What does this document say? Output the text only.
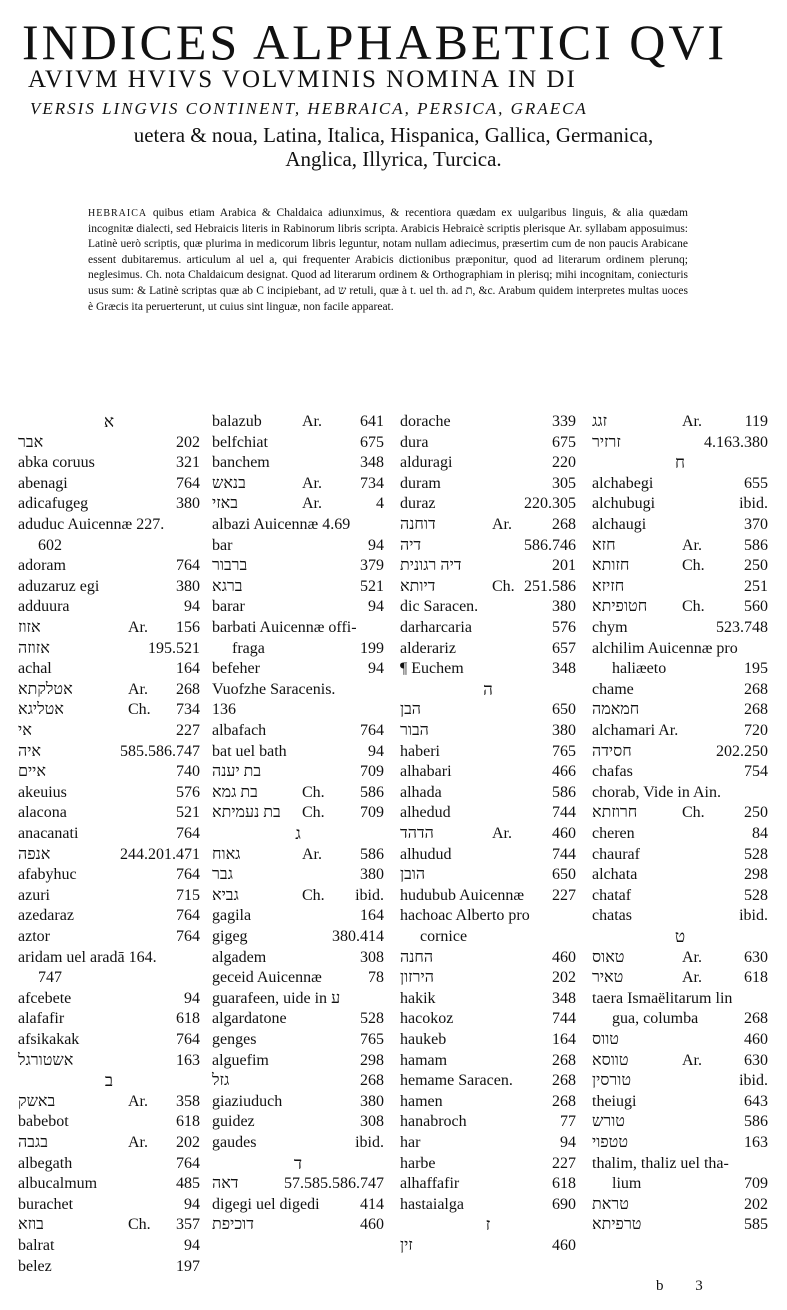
INDICES ALPHABETICI QVI
AVIVM HVIVS VOLVMINIS NOMINA IN DI
VERSIS LINGVIS CONTINENT, HEBRAICA, PERSICA, GRAECA
uetera & noua, Latina, Italica, Hispanica, Gallica, Germanica,
Anglica, Illyrica, Turcica.
HEBRAICA quibus etiam Arabica & Chaldaica adiunximus, & recentiora quædam ex uulgaribus linguis, & alia quædam incognitæ dialecti, sed Hebraicis literis in Rabinorum libris scripta. Arabicis Hebraicè scriptis plerisque Ar. syllabam apposuimus: Latinè uerò scriptis, quæ plurima in medicorum libris leguntur, notam nullam adiecimus, præsertim cum de non paucis Arabicane essent dubitaremus. articulum al uel a, qui frequenter Arabicis dictionibus præponitur, quod ad literarum ordinem plerunq; neglesimus. Ch. nota Chaldaicum designat. Quod ad literarum ordinem & Orthographiam in plerisq; mihi incognitam, coniecturis usus sum: & Latinè scriptas quæ ab C incipiebant, ad ש retuli, quæ à t. uel th. ad ת, &c. Arabum quidem interpretes multas uoces è Græcis ita peruerterunt, ut cuius sint linguæ, non facile appareat.
א
אבר	202
abka coruus	321
abenagi	764
adicafugeg	380
aduduc Auicennæ 227.
602
adoram	764
aduzaruz egi	380
adduura	94
אזוז	Ar. 156
אזוזה	195.521
achal	164
אטלקתא	Ar. 268
אטליגא	Ch. 734
אי	227
איה	585.586.747
איים	740
akeuius	576
alacona	521
anacanati	764
אנפה	244.201.471
afabyhuc	764
azuri	715
azedaraz	764
aztor	764
aridam uel aradā 164.
747
afcebete	94
alafafir	618
afsikakak	764
אשטורגל	163
ב
באשק	Ar. 358
babebot	618
בגבה	Ar. 202
albegath	764
albucalmum	485
burachet	94
בוזא	Ch. 357
balrat	94
belez	197
balazub	Ar. 641
belfchiat	675
banchem	348
בנאש	Ar. 734
באזי	Ar.	4
albazi Auicennæ 4.69
bar	94
ברבור	379
ברגא	521
barar	94
barbati Auicennæ offi-
fraga	199
befeher	94
Vuofzhe Saracenis.
136
albafach	764
bat uel bath	94
בת יענה	709
בת גמא	Ch. 586
בת נעמיתא Ch. 709
ג
גאוח	Ar. 586
גבר	380
גביא	Ch. ibid.
gagila	164
gigeg	380.414
algadem	308
geceid Auicennæ	78
guarafeen, uide in ע
algardatone	528
genges	765
alguefim	298
גזל	268
giaziuduch	380
guidez	308
gaudes	ibid.
ד
דאה	57.585.586.747
digegi uel digedi	414
דוכיפת	460
dorache	339
dura	675
alduragi	220
duram	305
duraz	220.305
דוחנה	Ar.	268
דיה	586.746
דיה רגונית	201
דיותא	Ch. 251.586
dic Saracen.	380
darharcaria	576
alderariz	657
¶ Euchem	348
ה
הבן	650
הבור	380
haberi	765
alhabari	466
alhada	586
alhedud	744
הדהד	Ar.	460
alhudud	744
הובן	650
hudubub Auicennæ 227
hachoac Alberto pro
cornice
החנה	460
הירזון	202
hakik	348
hacokoz	744
haukeb	164
hamam	268
hemame Saracen. 268
hamen	268
hanabroch	77
har	94
harbe	227
alhaffafir	618
hastaialga	690
ז
זין	460
זגג	Ar.	119
זרזיר	4.163.380
ח
alchabegi	655
alchubugi	ibid.
alchaugi	370
חזא	Ar.	586
חזותא	Ch. 250
חזיזא	251
חטופיתא Ch. 560
chym	523.748
alchilim Auicennæ pro
haliæeto	195
chame	268
חמאמה	268
alchamari Ar.	720
חסידה	202.250
chafas	754
chorab, Vide in Ain.
חרוזתא	Ch. 250
cheren	84
chauraf	528
alchata	298
chataf	528
chatas	ibid.
ט
טאוס	Ar.	630
טאיר	Ar.	618
taera Ismaëlitarum lin
gua, columba	268
טווס	460
טווסא	Ar.	630
טורסין	ibid.
theiugi	643
טורש	586
טטפוי	163
thalim, thaliz uel tha-
lium	709
טראת	202
טרפיתא	585
b 3
